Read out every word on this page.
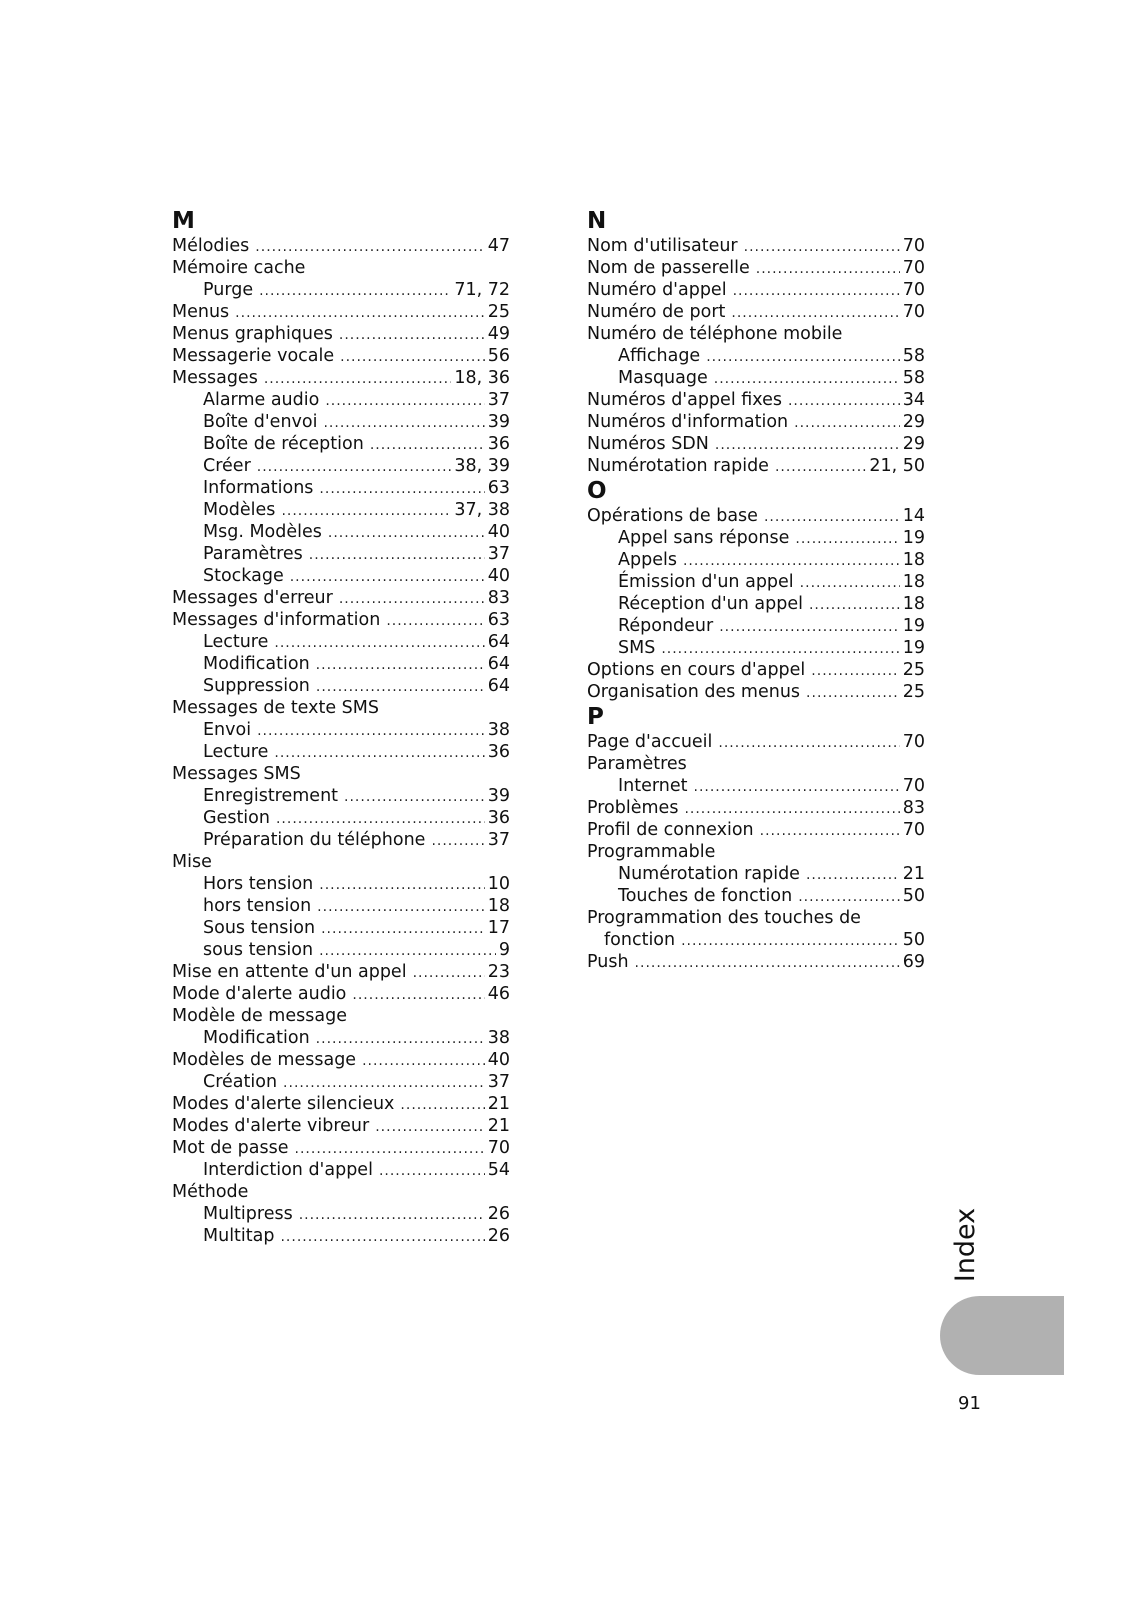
M
Mélodies .....	47
Mémoire cache
Purge .....	71, 72
Menus .....	25
Menus graphiques .....	49
Messagerie vocale .....	56
Messages .....	18, 36
Alarme audio .....	37
Boîte d'envoi .....	39
Boîte de réception .....	36
Créer .....	38, 39
Informations .....	63
Modèles .....	37, 38
Msg. Modèles .....	40
Paramètres .....	37
Stockage .....	40
Messages d'erreur .....	83
Messages d'information .....	63
Lecture .....	64
Modification .....	64
Suppression .....	64
Messages de texte SMS
Envoi .....	38
Lecture .....	36
Messages SMS
Enregistrement .....	39
Gestion .....	36
Préparation du téléphone .....	37
Mise
Hors tension .....	10
hors tension .....	18
Sous tension .....	17
sous tension .....	9
Mise en attente d'un appel .....	23
Mode d'alerte audio .....	46
Modèle de message
Modification .....	38
Modèles de message .....	40
Création .....	37
Modes d'alerte silencieux .....	21
Modes d'alerte vibreur .....	21
Mot de passe .....	70
Interdiction d'appel .....	54
Méthode
Multipress .....	26
Multitap .....	26
N
Nom d'utilisateur .....	70
Nom de passerelle .....	70
Numéro d'appel .....	70
Numéro de port .....	70
Numéro de téléphone mobile
Affichage .....	58
Masquage .....	58
Numéros d'appel fixes .....	34
Numéros d'information .....	29
Numéros SDN .....	29
Numérotation rapide .....	21, 50
O
Opérations de base .....	14
Appel sans réponse .....	19
Appels .....	18
Émission d'un appel .....	18
Réception d'un appel .....	18
Répondeur .....	19
SMS .....	19
Options en cours d'appel .....	25
Organisation des menus .....	25
P
Page d'accueil .....	70
Paramètres
Internet .....	70
Problèmes .....	83
Profil de connexion .....	70
Programmable
Numérotation rapide .....	21
Touches de fonction .....	50
Programmation des touches de
fonction .....	50
Push .....	69
Index
91
